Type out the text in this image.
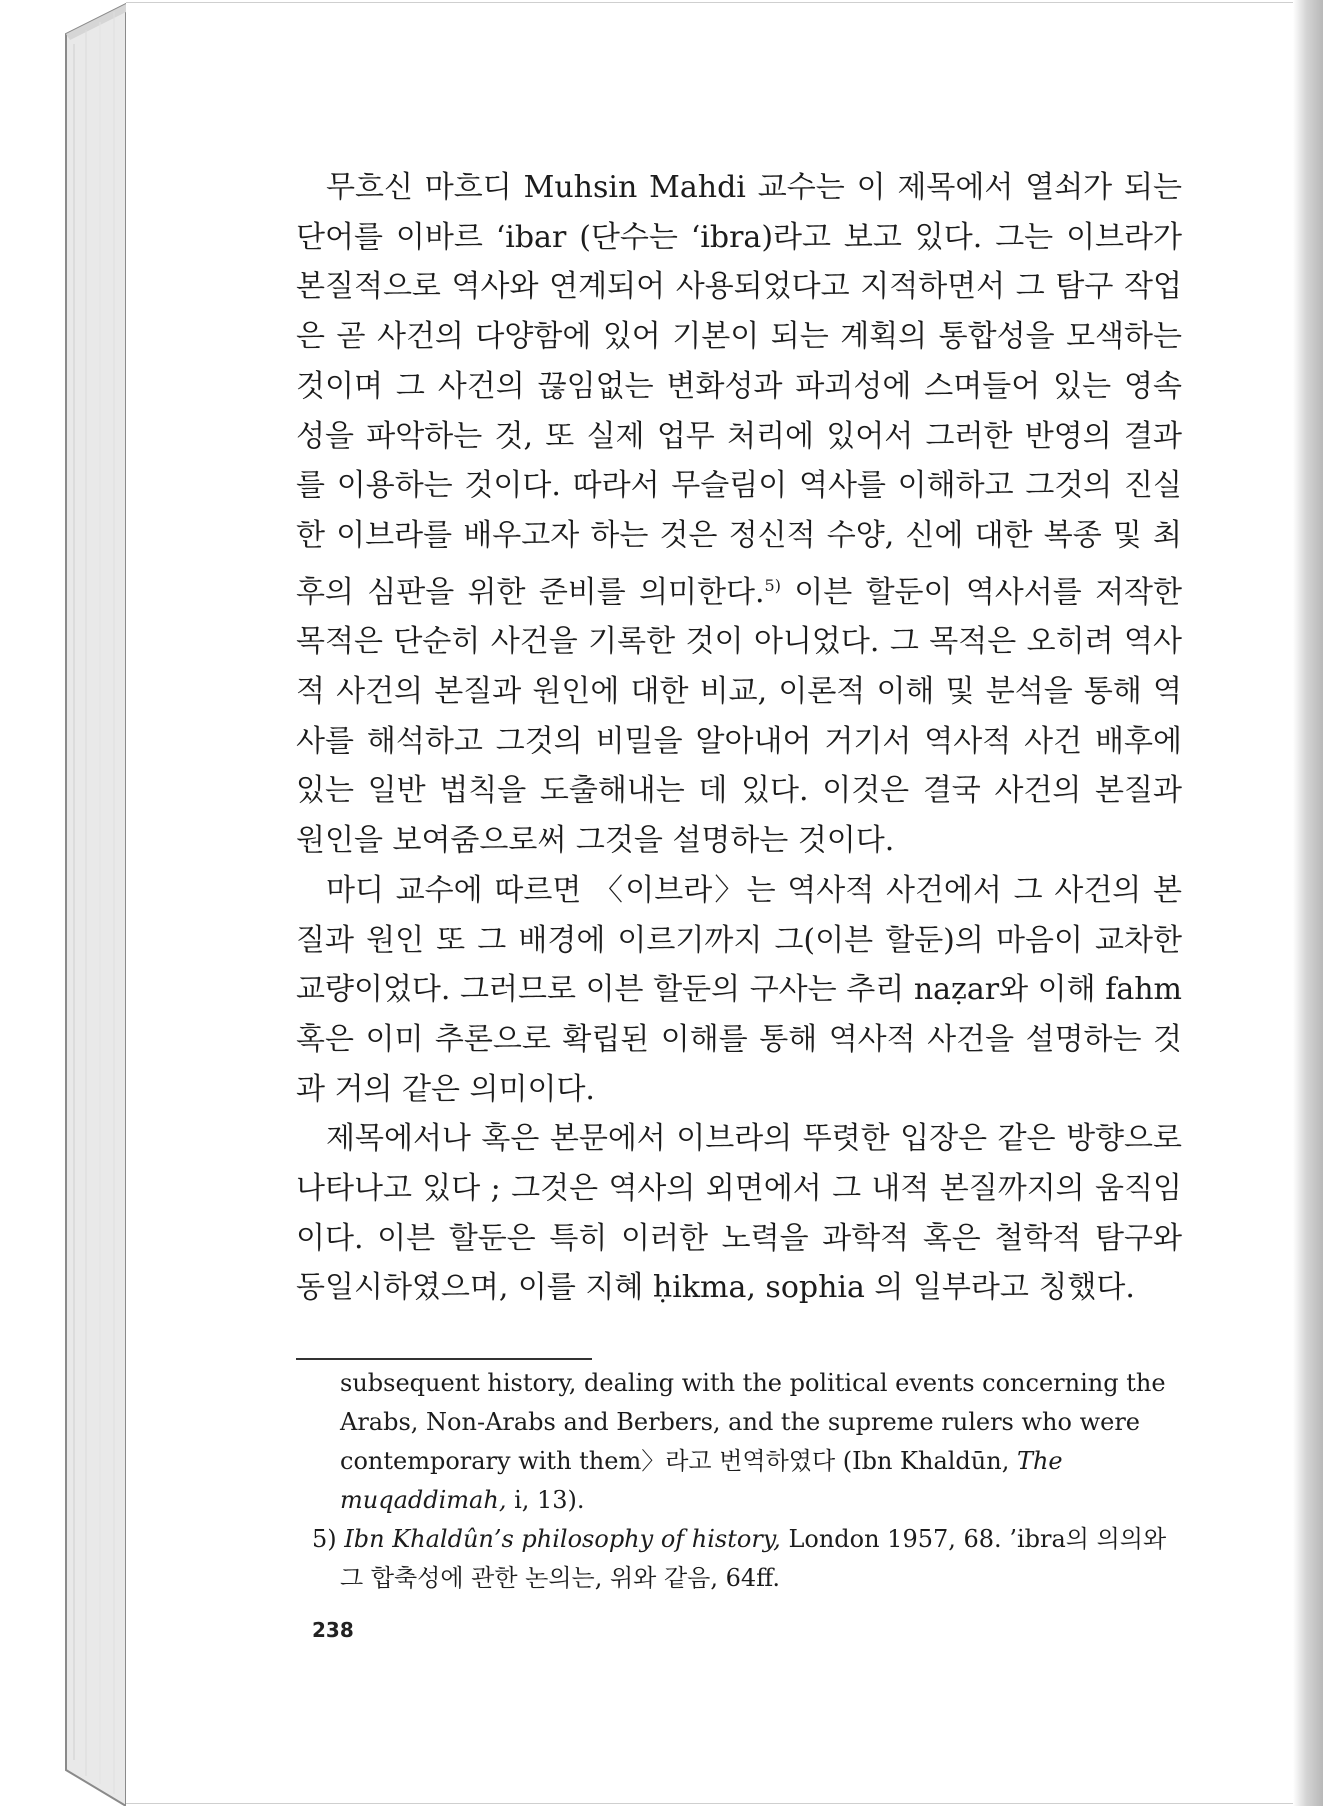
무흐신 마흐디 Muhsin Mahdi 교수는 이 제목에서 열쇠가 되는 단어를 이바르 ‘ibar (단수는 ‘ibra)라고 보고 있다. 그는 이브라가 본질적으로 역사와 연계되어 사용되었다고 지적하면서 그 탐구 작업은 곧 사건의 다양함에 있어 기본이 되는 계획의 통합성을 모색하는 것이며 그 사건의 끊임없는 변화성과 파괴성에 스며들어 있는 영속성을 파악하는 것, 또 실제 업무 처리에 있어서 그러한 반영의 결과를 이용하는 것이다. 따라서 무슬림이 역사를 이해하고 그것의 진실한 이브라를 배우고자 하는 것은 정신적 수양, 신에 대한 복종 및 최후의 심판을 위한 준비를 의미한다.$^{5)}$ 이븐 할둔이 역사서를 저작한 목적은 단순히 사건을 기록한 것이 아니었다. 그 목적은 오히려 역사적 사건의 본질과 원인에 대한 비교, 이론적 이해 및 분석을 통해 역사를 해석하고 그것의 비밀을 알아내어 거기서 역사적 사건 배후에 있는 일반 법칙을 도출해내는 데 있다. 이것은 결국 사건의 본질과 원인을 보여줌으로써 그것을 설명하는 것이다.

마디 교수에 따르면 〈이브라〉는 역사적 사건에서 그 사건의 본질과 원인 또 그 배경에 이르기까지 그(이븐 할둔)의 마음이 교차한 교량이었다. 그러므로 이븐 할둔의 구사는 추리 naẓar와 이해 fahm 혹은 이미 추론으로 확립된 이해를 통해 역사적 사건을 설명하는 것과 거의 같은 의미이다.

제목에서나 혹은 본문에서 이브라의 뚜렷한 입장은 같은 방향으로 나타나고 있다 ; 그것은 역사의 외면에서 그 내적 본질까지의 움직임이다. 이븐 할둔은 특히 이러한 노력을 과학적 혹은 철학적 탐구와 동일시하였으며, 이를 지혜 ḥikma, sophia 의 일부라고 칭했다.

subsequent history, dealing with the political events concerning the Arabs, Non-Arabs and Berbers, and the supreme rulers who were contemporary with them〉라고 번역하였다 (Ibn Khaldūn, The muqaddimah, i, 13).

5) Ibn Khaldûn’s philosophy of history, London 1957, 68. ’ibra의 의의와 그 합축성에 관한 논의는, 위와 같음, 64ff.

238
